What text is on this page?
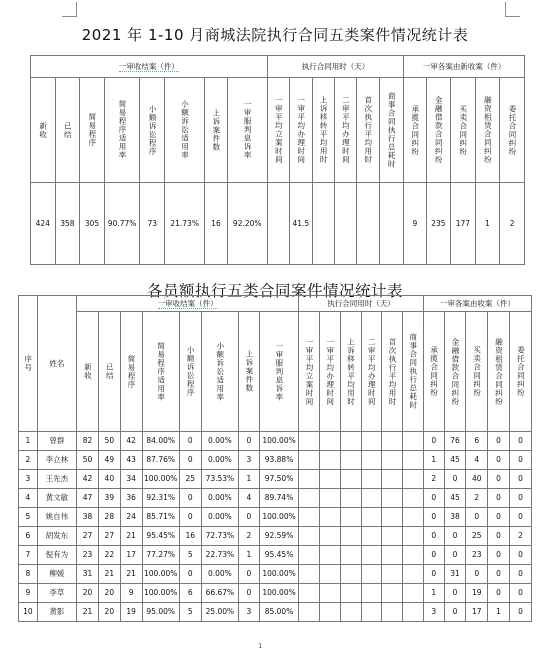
2021 年 1-10 月商城法院执行合同五类案件情况统计表
一审收结案（件）								执行合同用时（天）						一审各案由新收案（件）				

新收	已结	简易程序	简易程序适用率	小额诉讼程序	小额诉讼适用率	上诉案件数	一审服判息诉率	一审平均立案时间	一审平均办理时间	上诉移转平均用时	二审平均办理时间	首次执行平均用时	商事合同执行总耗时	承揽合同纠纷	金融借款合同纠纷	买卖合同纠纷	融资租赁合同纠纷	委托合同纠纷

424	358	305	90.77%	73	21.73%	16	92.20%		41.5					9	235	177	1	2
各员额执行五类合同案件情况统计表
序号	姓名	一审收结案（件）								执行合同用时（天）						一审各案由收案（件）				

		新收	已结	简易程序	简易程序适用率	小额诉讼程序	小额诉讼适用率	上诉案件数	一审服判息诉率	一审平均立案时间	一审平均办理时间	上诉移转平均用时	二审平均办理时间	首次执行平均用时	商事合同执行总耗时	承揽合同纠纷	金融借款合同纠纷	买卖合同纠纷	融资租赁合同纠纷	委托合同纠纷

1	曾群	82	50	42	84.00%	0	0.00%	0	100.00%							0	76	6	0	0
2	李立林	50	49	43	87.76%	0	0.00%	3	93.88%							1	45	4	0	0
3	王先杰	42	40	34	100.00%	25	73.53%	1	97.50%							2	0	40	0	0
4	黄文敏	47	39	36	92.31%	0	0.00%	4	89.74%							0	45	2	0	0
5	姚自伟	38	28	24	85.71%	0	0.00%	0	100.00%							0	38	0	0	0
6	胡发东	27	27	21	95.45%	16	72.73%	2	92.59%							0	0	25	0	2
7	倪有为	23	22	17	77.27%	5	22.73%	1	95.45%							0	0	23	0	0
8	柳媛	31	21	21	100.00%	0	0.00%	0	100.00%							0	31	0	0	0
9	李草	20	20	9	100.00%	6	66.67%	0	100.00%							1	0	19	0	0
10	黄影	21	20	19	95.00%	5	25.00%	3	85.00%							3	0	17	1	0
1
